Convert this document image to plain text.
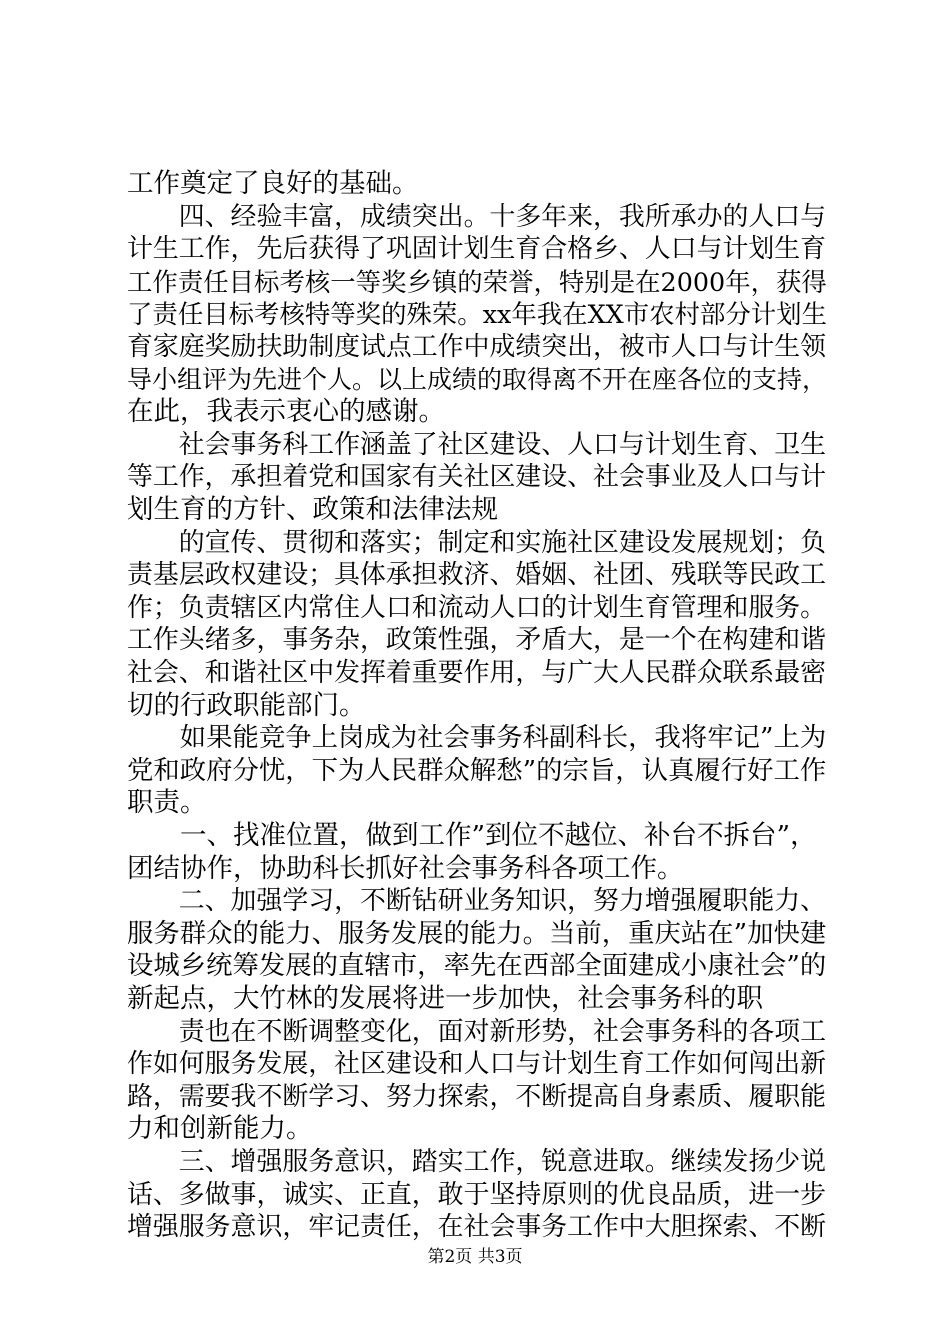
工作奠定了良好的基础。
　　四、经验丰富，成绩突出。十多年来，我所承办的人口与
计生工作，先后获得了巩固计划生育合格乡、人口与计划生育
工作责任目标考核一等奖乡镇的荣誉，特别是在2000年，获得
了责任目标考核特等奖的殊荣。xx年我在XX市农村部分计划生
育家庭奖励扶助制度试点工作中成绩突出，被市人口与计生领
导小组评为先进个人。以上成绩的取得离不开在座各位的支持，
在此，我表示衷心的感谢。
　　社会事务科工作涵盖了社区建设、人口与计划生育、卫生
等工作，承担着党和国家有关社区建设、社会事业及人口与计
划生育的方针、政策和法律法规
　　的宣传、贯彻和落实；制定和实施社区建设发展规划；负
责基层政权建设；具体承担救济、婚姻、社团、残联等民政工
作；负责辖区内常住人口和流动人口的计划生育管理和服务。
工作头绪多，事务杂，政策性强，矛盾大，是一个在构建和谐
社会、和谐社区中发挥着重要作用，与广大人民群众联系最密
切的行政职能部门。
　　如果能竞争上岗成为社会事务科副科长，我将牢记”上为
党和政府分忧，下为人民群众解愁”的宗旨，认真履行好工作
职责。
　　一、找准位置，做到工作”到位不越位、补台不拆台”，
团结协作，协助科长抓好社会事务科各项工作。
　　二、加强学习，不断钻研业务知识，努力增强履职能力、
服务群众的能力、服务发展的能力。当前，重庆站在”加快建
设城乡统筹发展的直辖市，率先在西部全面建成小康社会”的
新起点，大竹林的发展将进一步加快，社会事务科的职
　　责也在不断调整变化，面对新形势，社会事务科的各项工
作如何服务发展，社区建设和人口与计划生育工作如何闯出新
路，需要我不断学习、努力探索，不断提高自身素质、履职能
力和创新能力。
　　三、增强服务意识，踏实工作，锐意进取。继续发扬少说
话、多做事，诚实、正直，敢于坚持原则的优良品质，进一步
增强服务意识，牢记责任，在社会事务工作中大胆探索、不断
第2页 共3页
